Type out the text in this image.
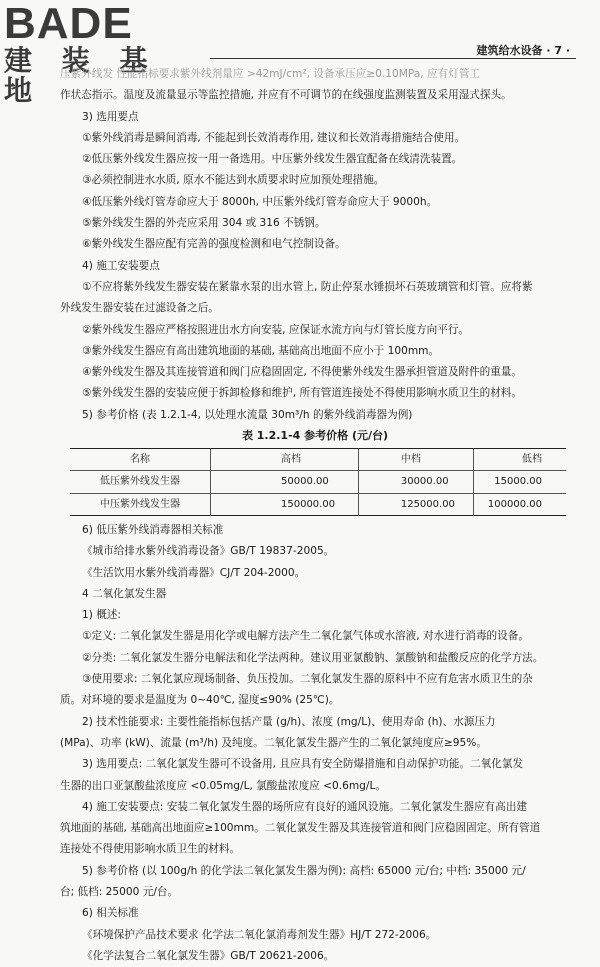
BADE
建 装 基 地
建筑给水设备 · 7 ·

压紫外线发 性能指标要求紫外线剂量应 >42mJ/cm², 设备承压应≥0.10MPa, 应有灯管工

作状态指示。温度及流量显示等监控措施, 并应有不可调节的在线强度监测装置及采用湿式探头。

3) 选用要点

①紫外线消毒是瞬间消毒, 不能起到长效消毒作用, 建议和长效消毒措施结合使用。

②低压紫外线发生器应按一用一备选用。中压紫外线发生器宜配备在线清洗装置。

③必须控制进水水质, 原水不能达到水质要求时应加预处理措施。

④低压紫外线灯管寿命应大于 8000h, 中压紫外线灯管寿命应大于 9000h。

⑤紫外线发生器的外壳应采用 304 或 316 不锈钢。

⑥紫外线发生器应配有完善的强度检测和电气控制设备。

4) 施工安装要点

①不应将紫外线发生器安装在紧靠水泵的出水管上, 防止停泵水锤损坏石英玻璃管和灯管。应将紫

外线发生器安装在过滤设备之后。

②紫外线发生器应严格按照进出水方向安装, 应保证水流方向与灯管长度方向平行。

③紫外线发生器应有高出建筑地面的基础, 基础高出地面不应小于 100mm。

④紫外线发生器及其连接管道和阀门应稳固固定, 不得使紫外线发生器承担管道及附件的重量。

⑤紫外线发生器的安装应便于拆卸检修和维护, 所有管道连接处不得使用影响水质卫生的材料。

5) 参考价格 (表 1.2.1-4, 以处理水流量 30m³/h 的紫外线消毒器为例)

表 1.2.1-4 参考价格 (元/台)

名称	高档	中档	低档
低压紫外线发生器	50000.00	30000.00	15000.00
中压紫外线发生器	150000.00	125000.00	100000.00

6) 低压紫外线消毒器相关标准

《城市给排水紫外线消毒设备》GB/T 19837-2005。

《生活饮用水紫外线消毒器》CJ/T 204-2000。

4 二氧化氯发生器

1) 概述:

①定义: 二氧化氯发生器是用化学或电解方法产生二氧化氯气体或水溶液, 对水进行消毒的设备。

②分类: 二氧化氯发生器分电解法和化学法两种。建议用亚氯酸钠、氯酸钠和盐酸反应的化学方法。

③使用要求: 二氧化氯应现场制备、负压投加。二氧化氯发生器的原料中不应有危害水质卫生的杂

质。对环境的要求是温度为 0~40℃, 湿度≤90% (25℃)。

2) 技术性能要求: 主要性能指标包括产量 (g/h)、浓度 (mg/L)、使用寿命 (h)、水源压力

(MPa)、功率 (kW)、流量 (m³/h) 及纯度。二氧化氯发生器产生的二氧化氯纯度应≥95%。

3) 选用要点: 二氧化氯发生器可不设备用, 且应具有安全防爆措施和自动保护功能。二氧化氯发

生器的出口亚氯酸盐浓度应 <0.05mg/L, 氯酸盐浓度应 <0.6mg/L。

4) 施工安装要点: 安装二氧化氯发生器的场所应有良好的通风设施。二氧化氯发生器应有高出建

筑地面的基础, 基础高出地面应≥100mm。二氧化氯发生器及其连接管道和阀门应稳固固定。所有管道

连接处不得使用影响水质卫生的材料。

5) 参考价格 (以 100g/h 的化学法二氧化氯发生器为例): 高档: 65000 元/台; 中档: 35000 元/

台; 低档: 25000 元/台。

6) 相关标准

《环境保护产品技术要求 化学法二氧化氯消毒剂发生器》HJ/T 272-2006。

《化学法复合二氧化氯发生器》GB/T 20621-2006。
